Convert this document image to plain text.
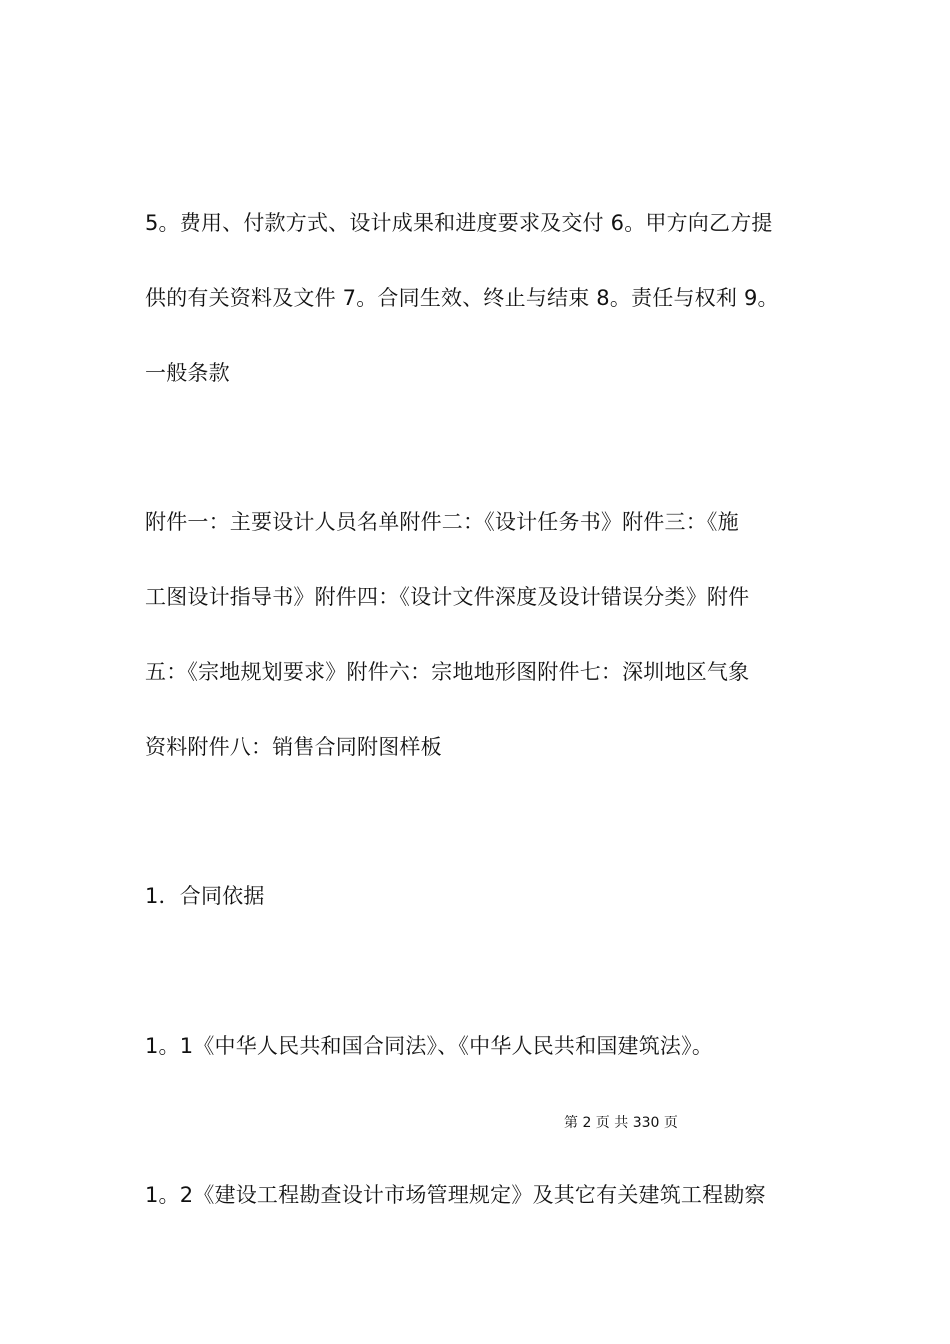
5。费用、付款方式、设计成果和进度要求及交付 6。甲方向乙方提
供的有关资料及文件 7。合同生效、终止与结束 8。责任与权利 9。
一般条款
附件一：主要设计人员名单附件二：《设计任务书》附件三：《施
工图设计指导书》附件四：《设计文件深度及设计错误分类》附件
五：《宗地规划要求》附件六：宗地地形图附件七：深圳地区气象
资料附件八：销售合同附图样板
1．合同依据
1。1《中华人民共和国合同法》、《中华人民共和国建筑法》。
第 2 页 共 330 页
1。2《建设工程勘查设计市场管理规定》及其它有关建筑工程勘察
